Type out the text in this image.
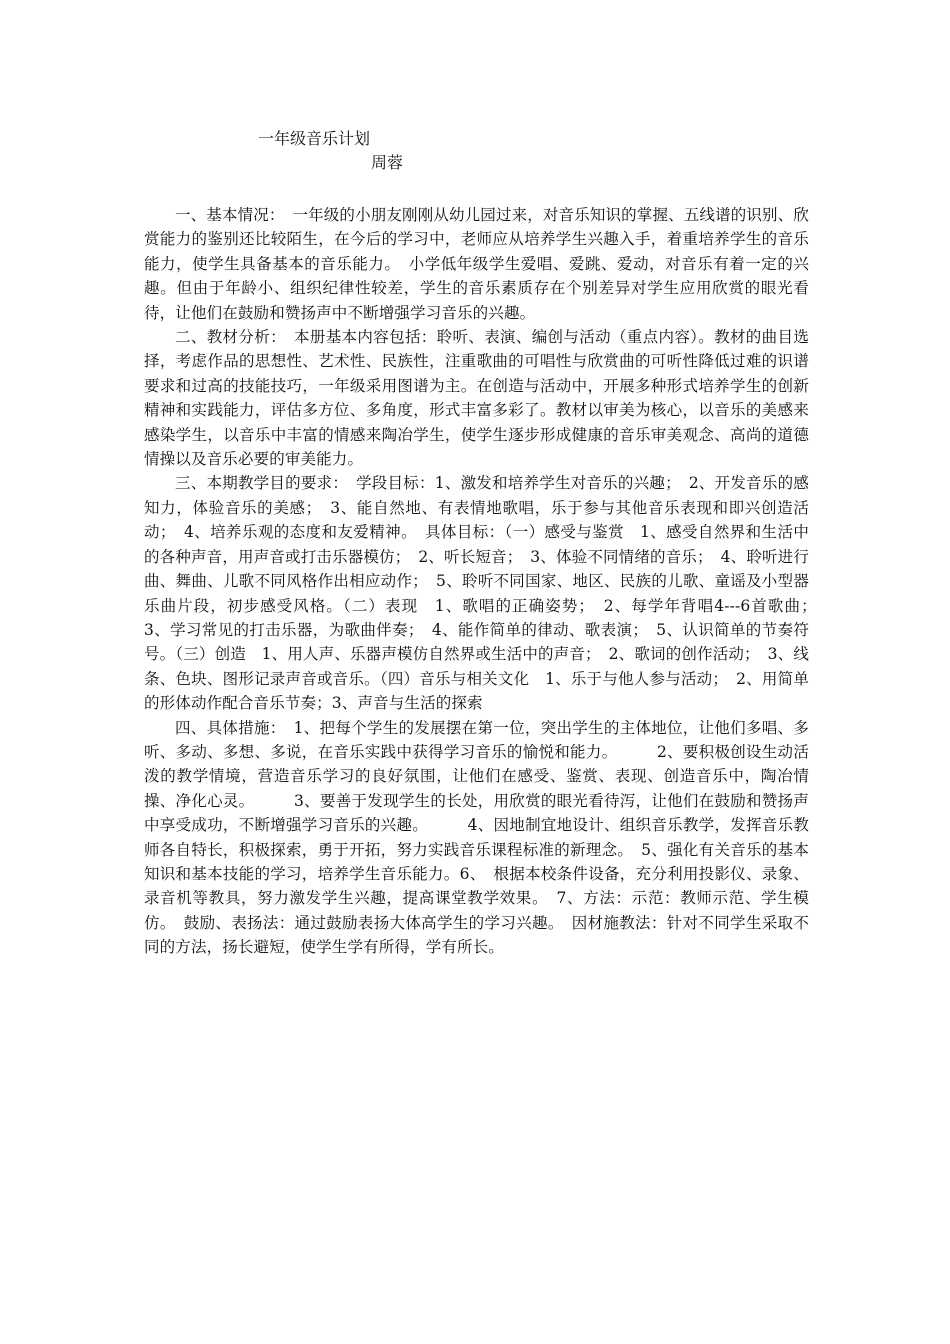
一年级音乐计划
周蓉

一、基本情况：　一年级的小朋友刚刚从幼儿园过来，对音乐知识的掌握、五线谱的识别、欣赏能力的鉴别还比较陌生，在今后的学习中，老师应从培养学生兴趣入手，着重培养学生的音乐能力，使学生具备基本的音乐能力。　小学低年级学生爱唱、爱跳、爱动，对音乐有着一定的兴趣。但由于年龄小、组织纪律性较差，学生的音乐素质存在个别差异对学生应用欣赏的眼光看待，让他们在鼓励和赞扬声中不断增强学习音乐的兴趣。

二、教材分析：　本册基本内容包括：聆听、表演、编创与活动（重点内容）。教材的曲目选择，考虑作品的思想性、艺术性、民族性，注重歌曲的可唱性与欣赏曲的可听性降低过难的识谱要求和过高的技能技巧，一年级采用图谱为主。在创造与活动中，开展多种形式培养学生的创新精神和实践能力，评估多方位、多角度，形式丰富多彩了。教材以审美为核心，以音乐的美感来感染学生，以音乐中丰富的情感来陶冶学生，使学生逐步形成健康的音乐审美观念、高尚的道德情操以及音乐必要的审美能力。

三、本期教学目的要求：　学段目标：1、激发和培养学生对音乐的兴趣；　2、开发音乐的感知力，体验音乐的美感；　3、能自然地、有表情地歌唱，乐于参与其他音乐表现和即兴创造活动；　4、培养乐观的态度和友爱精神。　具体目标：（一）感受与鉴赏　1、感受自然界和生活中的各种声音，用声音或打击乐器模仿；　2、听长短音；　3、体验不同情绪的音乐；　4、聆听进行曲、舞曲、儿歌不同风格作出相应动作；　5、聆听不同国家、地区、民族的儿歌、童谣及小型器乐曲片段，初步感受风格。（二）表现　1、歌唱的正确姿势；　2、每学年背唱4---6首歌曲；　3、学习常见的打击乐器，为歌曲伴奏；　4、能作简单的律动、歌表演；　5、认识简单的节奏符号。（三）创造　1、用人声、乐器声模仿自然界或生活中的声音；　2、歌词的创作活动；　3、线条、色块、图形记录声音或音乐。（四）音乐与相关文化　1、乐于与他人参与活动；　2、用简单的形体动作配合音乐节奏；3、声音与生活的探索

四、具体措施：　1、把每个学生的发展摆在第一位，突出学生的主体地位，让他们多唱、多听、多动、多想、多说，在音乐实践中获得学习音乐的愉悦和能力。　　　2、要积极创设生动活泼的教学情境，营造音乐学习的良好氛围，让他们在感受、鉴赏、表现、创造音乐中，陶冶情操、净化心灵。　　　3、要善于发现学生的长处，用欣赏的眼光看待泻，让他们在鼓励和赞扬声中享受成功，不断增强学习音乐的兴趣。　　　4、因地制宜地设计、组织音乐教学，发挥音乐教师各自特长，积极探索，勇于开拓，努力实践音乐课程标准的新理念。　5、强化有关音乐的基本知识和基本技能的学习，培养学生音乐能力。6、　根据本校条件设备，充分利用投影仪、录象、录音机等教具，努力激发学生兴趣，提高课堂教学效果。　7、方法：示范：教师示范、学生模仿。　鼓励、表扬法：通过鼓励表扬大体高学生的学习兴趣。　因材施教法：针对不同学生采取不同的方法，扬长避短，使学生学有所得，学有所长。
